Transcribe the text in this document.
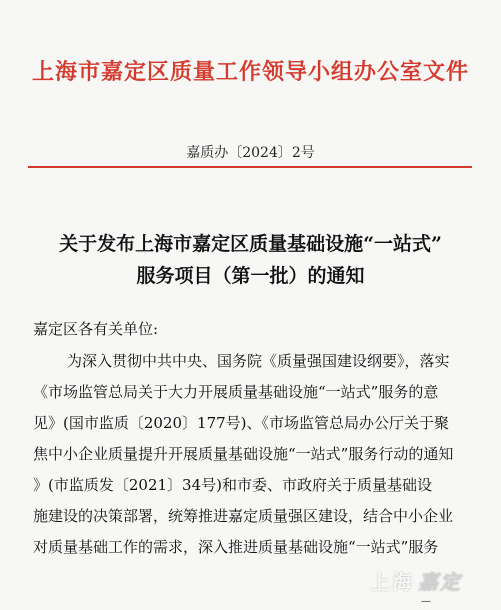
上海市嘉定区质量工作领导小组办公室文件
嘉质办〔2024〕2号
关于发布上海市嘉定区质量基础设施“一站式”
服务项目（第一批）的通知
嘉定区各有关单位:
为深入贯彻中共中央、国务院《质量强国建设纲要》，落实
《市场监管总局关于大力开展质量基础设施“一站式”服务的意
见》(国市监质〔2020〕177号)、《市场监管总局办公厅关于聚
焦中小企业质量提升开展质量基础设施“一站式”服务行动的通知
》(市监质发〔2021〕34号)和市委、市政府关于质量基础设
施建设的决策部署，统筹推进嘉定质量强区建设，结合中小企业
对质量基础工作的需求，深入推进质量基础设施“一站式”服务
上海 嘉定
—
